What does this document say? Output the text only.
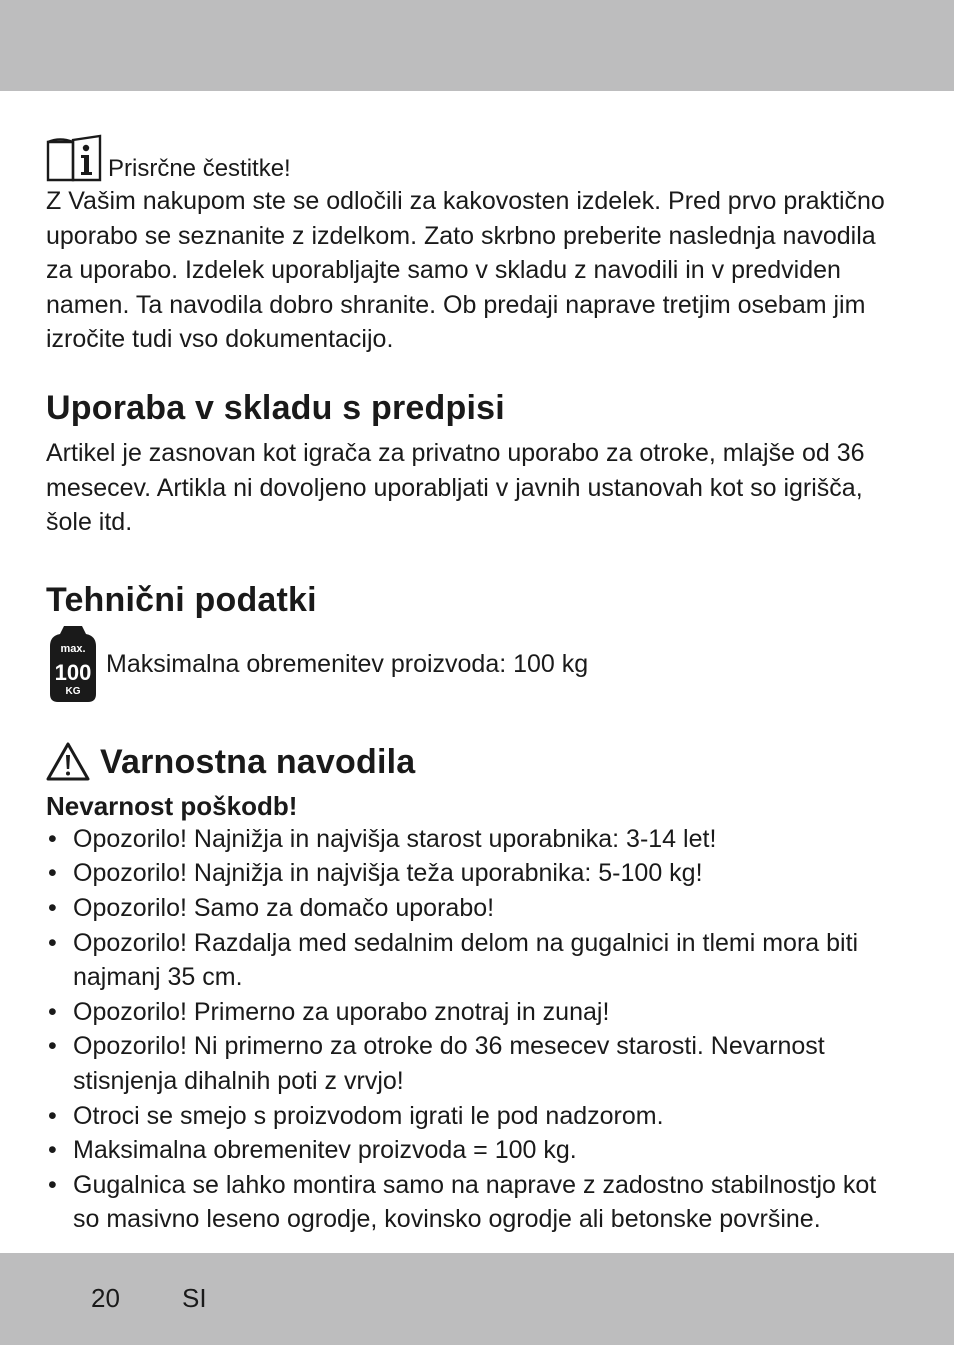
Prisrčne čestitke!

Z Vašim nakupom ste se odločili za kakovosten izdelek. Pred prvo praktično uporabo se seznanite z izdelkom. Zato skrbno preberite naslednja navodila za uporabo. Izdelek uporabljajte samo v skladu z navodili in v predviden namen. Ta navodila dobro shranite. Ob predaji naprave tretjim osebam jim izročite tudi vso dokumentacijo.

Uporaba v skladu s predpisi

Artikel je zasnovan kot igrača za privatno uporabo za otroke, mlajše od 36 mesecev. Artikla ni dovoljeno uporabljati v javnih ustanovah kot so igrišča, šole itd.

Tehnični podatki
max.
100
KG
Maksimalna obremenitev proizvoda: 100 kg
Varnostna navodila
Nevarnost poškodb!
• Opozorilo! Najnižja in najvišja starost uporabnika: 3-14 let!
• Opozorilo! Najnižja in najvišja teža uporabnika: 5-100 kg!
• Opozorilo! Samo za domačo uporabo!
• Opozorilo! Razdalja med sedalnim delom na gugalnici in tlemi mora biti najmanj 35 cm.
• Opozorilo! Primerno za uporabo znotraj in zunaj!
• Opozorilo! Ni primerno za otroke do 36 mesecev starosti. Nevarnost stisnjenja dihalnih poti z vrvjo!
• Otroci se smejo s proizvodom igrati le pod nadzorom.
• Maksimalna obremenitev proizvoda = 100 kg.
• Gugalnica se lahko montira samo na naprave z zadostno stabilnostjo kot so masivno leseno ogrodje, kovinsko ogrodje ali betonske površine.
20 SI
